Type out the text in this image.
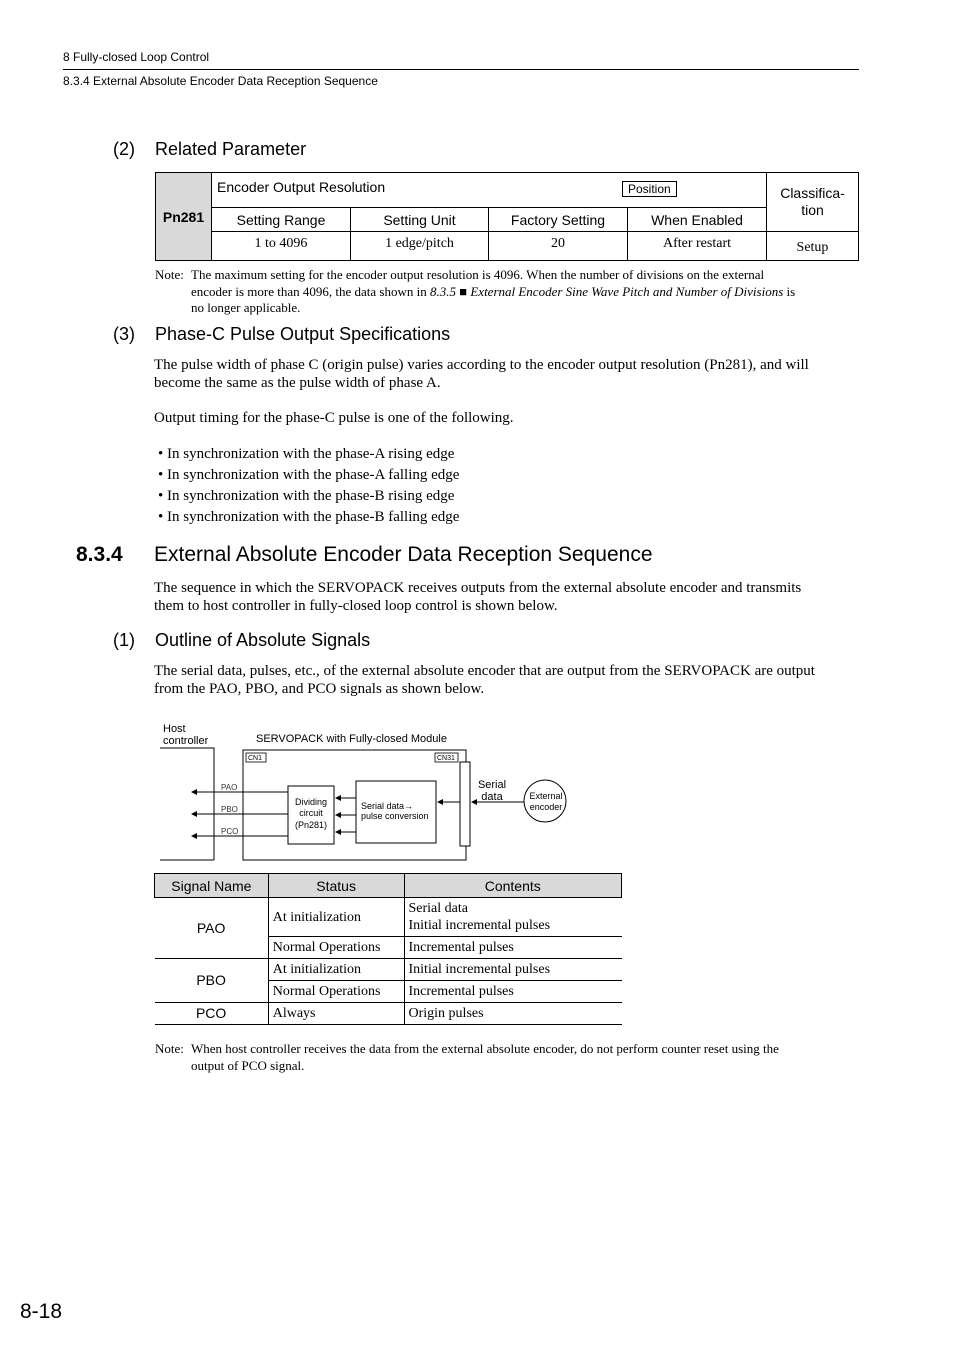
8 Fully-closed Loop Control
8.3.4 External Absolute Encoder Data Reception Sequence
(2) Related Parameter
Pn281	Encoder Output Resolution Position				Classifica-
tion
	Setting Range	Setting Unit	Factory Setting	When Enabled	
	1 to 4096	1 edge/pitch	20	After restart	Setup
Note: The maximum setting for the encoder output resolution is 4096. When the number of divisions on the external
encoder is more than 4096, the data shown in 8.3.5 ■ External Encoder Sine Wave Pitch and Number of Divisions is
no longer applicable.
(3) Phase-C Pulse Output Specifications
The pulse width of phase C (origin pulse) varies according to the encoder output resolution (Pn281), and will
become the same as the pulse width of phase A.
Output timing for the phase-C pulse is one of the following.
• In synchronization with the phase-A rising edge
• In synchronization with the phase-A falling edge
• In synchronization with the phase-B rising edge
• In synchronization with the phase-B falling edge
8.3.4 External Absolute Encoder Data Reception Sequence
The sequence in which the SERVOPACK receives outputs from the external absolute encoder and transmits
them to host controller in fully-closed loop control is shown below.
(1) Outline of Absolute Signals
The serial data, pulses, etc., of the external absolute encoder that are output from the SERVOPACK are output
from the PAO, PBO, and PCO signals as shown below.
Host
controller	SERVOPACK with Fully-closed Module
CN1	CN31
PAO
PBO
PCO
Dividing
circuit
(Pn281)
Serial data→
pulse conversion
Serial
data	External
encoder
Signal Name	Status	Contents
PAO	At initialization	Serial data
Initial incremental pulses

	Normal Operations	Incremental pulses
PBO	At initialization	Initial incremental pulses
	Normal Operations	Incremental pulses
PCO	Always	Origin pulses
Note: When host controller receives the data from the external absolute encoder, do not perform counter reset using the
output of PCO signal.
8-18
